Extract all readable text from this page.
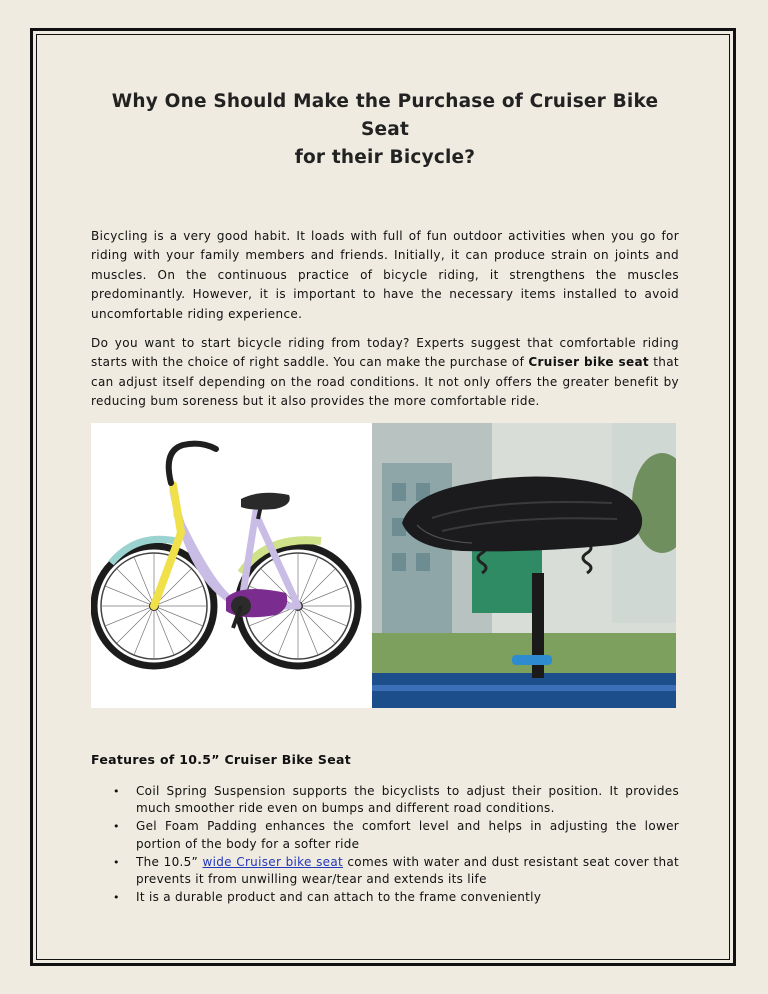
Why One Should Make the Purchase of Cruiser Bike Seat
for their Bicycle?

Bicycling is a very good habit. It loads with full of fun outdoor activities when you go for riding with your family members and friends. Initially, it can produce strain on joints and muscles. On the continuous practice of bicycle riding, it strengthens the muscles predominantly. However, it is important to have the necessary items installed to avoid uncomfortable riding experience.

Do you want to start bicycle riding from today? Experts suggest that comfortable riding starts with the choice of right saddle. You can make the purchase of Cruiser bike seat that can adjust itself depending on the road conditions. It not only offers the greater benefit by reducing bum soreness but it also provides the more comfortable ride.

Features of 10.5” Cruiser Bike Seat
• Coil Spring Suspension supports the bicyclists to adjust their position. It provides much smoother ride even on bumps and different road conditions.
• Gel Foam Padding enhances the comfort level and helps in adjusting the lower portion of the body for a softer ride
• The 10.5” wide Cruiser bike seat comes with water and dust resistant seat cover that prevents it from unwilling wear/tear and extends its life
• It is a durable product and can attach to the frame conveniently
